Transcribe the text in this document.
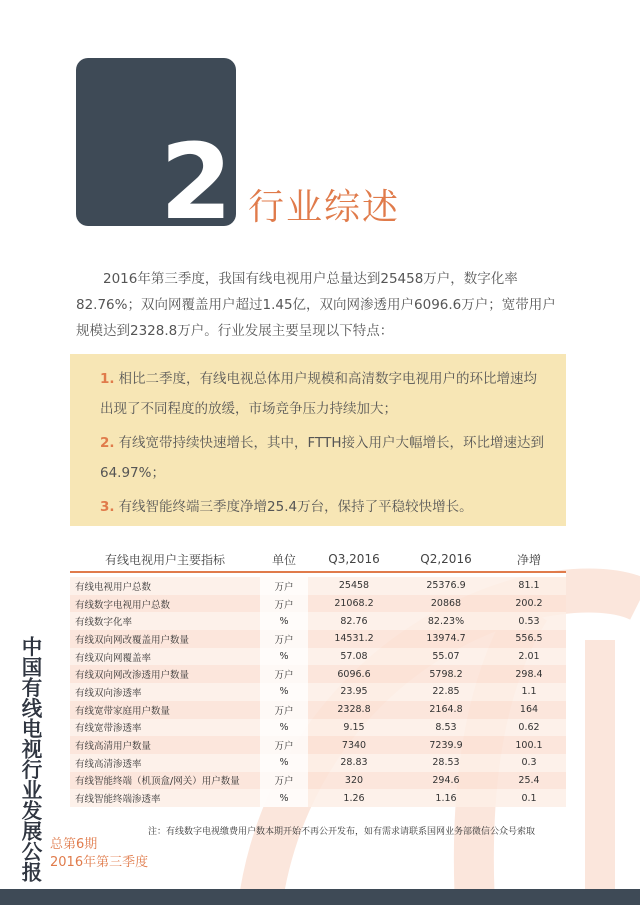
2 行业综述

2016年第三季度，我国有线电视用户总量达到25458万户，数字化率82.76%；双向网覆盖用户超过1.45亿，双向网渗透用户6096.6万户；宽带用户规模达到2328.8万户。行业发展主要呈现以下特点：

1. 相比二季度，有线电视总体用户规模和高清数字电视用户的环比增速均出现了不同程度的放缓，市场竞争压力持续加大；
2. 有线宽带持续快速增长，其中，FTTH接入用户大幅增长，环比增速达到64.97%；
3. 有线智能终端三季度净增25.4万台，保持了平稳较快增长。
有线电视用户主要指标	单位	Q3,2016	Q2,2016	净增

有线电视用户总数	万户	25458	25376.9	81.1
有线数字电视用户总数	万户	21068.2	20868	200.2
有线数字化率	%	82.76	82.23%	0.53
有线双向网改覆盖用户数量	万户	14531.2	13974.7	556.5
有线双向网覆盖率	%	57.08	55.07	2.01
有线双向网改渗透用户数量	万户	6096.6	5798.2	298.4
有线双向渗透率	%	23.95	22.85	1.1
有线宽带家庭用户数量	万户	2328.8	2164.8	164
有线宽带渗透率	%	9.15	8.53	0.62
有线高清用户数量	万户	7340	7239.9	100.1
有线高清渗透率	%	28.83	28.53	0.3
有线智能终端（机顶盒/网关）用户数量	万户	320	294.6	25.4
有线智能终端渗透率	%	1.26	1.16	0.1
注：有线数字电视缴费用户数本期开始不再公开发布，如有需求请联系国网业务部微信公众号索取
中国有线电视行业发展公报 总第6期
2016年第三季度
